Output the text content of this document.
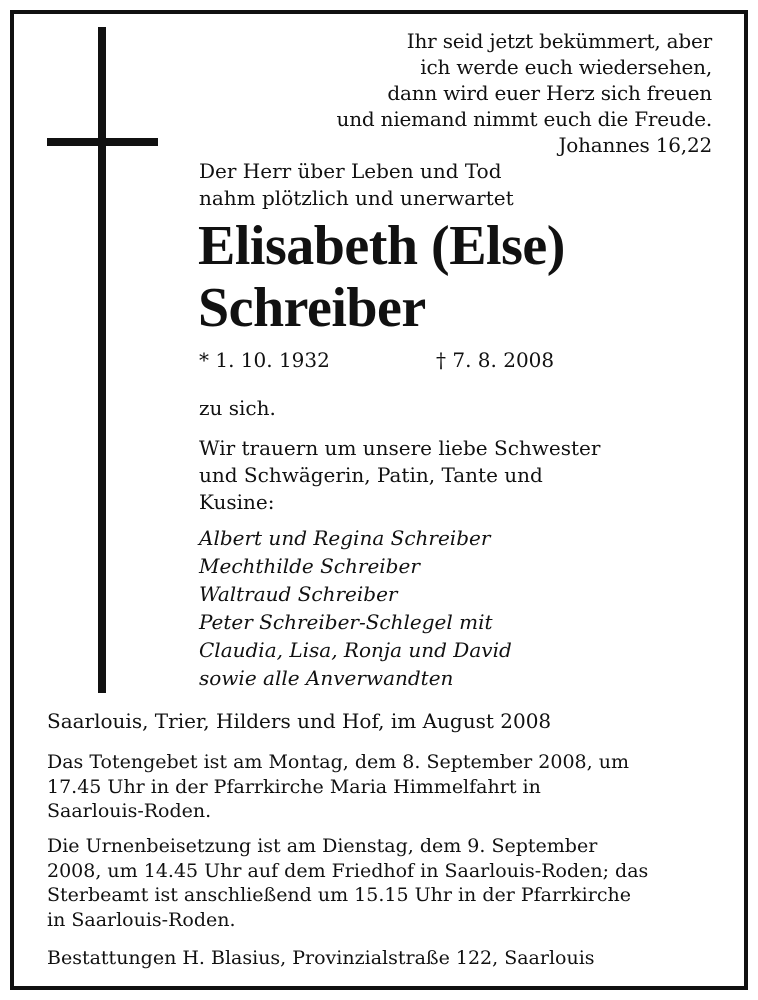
Ihr seid jetzt bekümmert, aber
ich werde euch wiedersehen,
dann wird euer Herz sich freuen
und niemand nimmt euch die Freude.
Johannes 16,22
Der Herr über Leben und Tod
nahm plötzlich und unerwartet
Elisabeth (Else)
Schreiber
* 1. 10. 1932	† 7. 8. 2008
zu sich.
Wir trauern um unsere liebe Schwester
und Schwägerin, Patin, Tante und
Kusine:
Albert und Regina Schreiber
Mechthilde Schreiber
Waltraud Schreiber
Peter Schreiber-Schlegel mit
Claudia, Lisa, Ronja und David
sowie alle Anverwandten
Saarlouis, Trier, Hilders und Hof, im August 2008
Das Totengebet ist am Montag, dem 8. September 2008, um
17.45 Uhr in der Pfarrkirche Maria Himmelfahrt in
Saarlouis-Roden.
Die Urnenbeisetzung ist am Dienstag, dem 9. September
2008, um 14.45 Uhr auf dem Friedhof in Saarlouis-Roden; das
Sterbeamt ist anschließend um 15.15 Uhr in der Pfarrkirche
in Saarlouis-Roden.
Bestattungen H. Blasius, Provinzialstraße 122, Saarlouis
